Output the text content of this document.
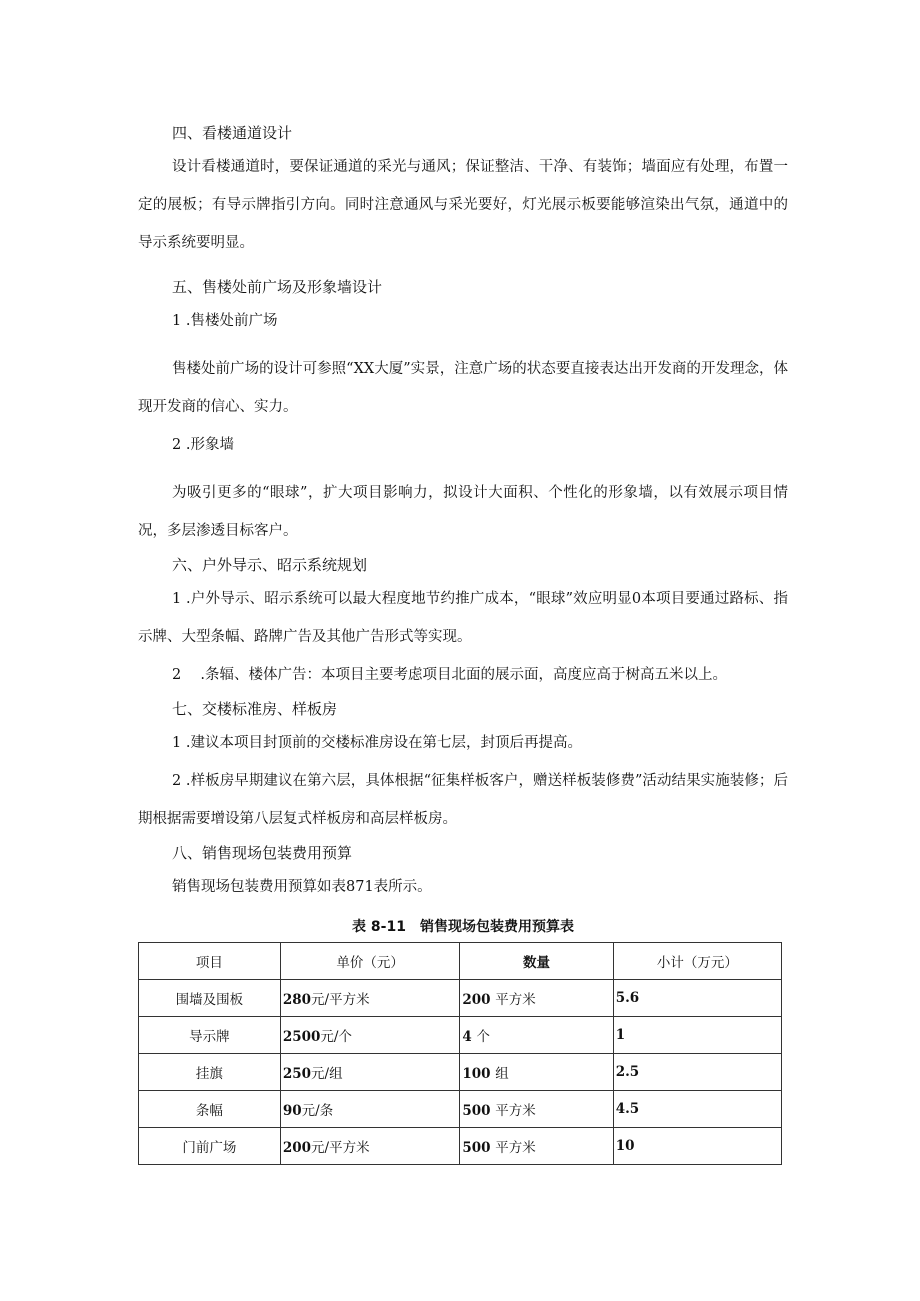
四、看楼通道设计

设计看楼通道时，要保证通道的采光与通风；保证整洁、干净、有装饰；墙面应有处理，布置一定的展板；有导示牌指引方向。同时注意通风与采光要好，灯光展示板要能够渲染出气氛，通道中的导示系统要明显。

五、售楼处前广场及形象墙设计

1 .售楼处前广场

售楼处前广场的设计可参照“XX大厦”实景，注意广场的状态要直接表达出开发商的开发理念，体现开发商的信心、实力。

2 .形象墙

为吸引更多的“眼球”，扩大项目影响力，拟设计大面积、个性化的形象墙，以有效展示项目情况，多层渗透目标客户。

六、户外导示、昭示系统规划

1 .户外导示、昭示系统可以最大程度地节约推广成本，“眼球”效应明显0本项目要通过路标、指示牌、大型条幅、路牌广告及其他广告形式等实现。

2　 .条辐、楼体广告：本项目主要考虑项目北面的展示面，高度应高于树高五米以上。

七、交楼标准房、样板房

1 .建议本项目封顶前的交楼标准房设在第七层，封顶后再提高。

2 .样板房早期建议在第六层，具体根据“征集样板客户，赠送样板装修费”活动结果实施装修；后期根据需要增设第八层复式样板房和高层样板房。

八、销售现场包装费用预算

销售现场包装费用预算如表871表所示。

表 8-11　销售现场包装费用预算表
项目	单价（元）	数量	小计（万元）
围墙及围板	280元/平方米	200 平方米	5.6
导示牌	2500元/个	4 个	1
挂旗	250元/组	100 组	2.5
条幅	90元/条	500 平方米	4.5
门前广场	200元/平方米	500 平方米	10
